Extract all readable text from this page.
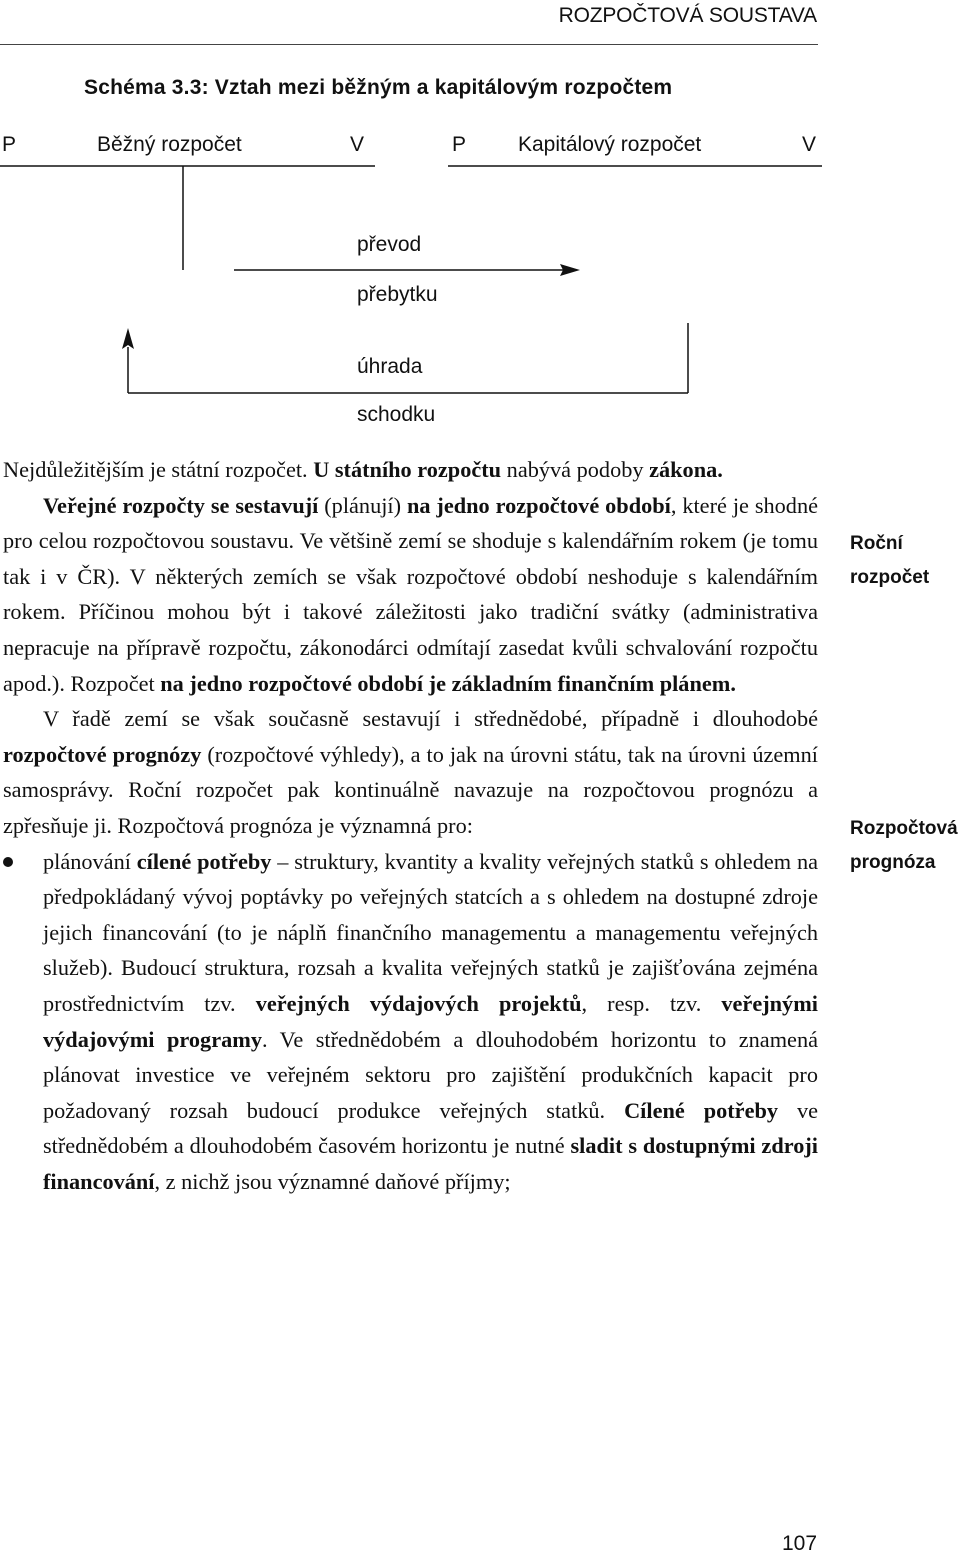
ROZPOČTOVÁ SOUSTAVA
Schéma 3.3: Vztah mezi běžným a kapitálovým rozpočtem
P	Běžný rozpočet	V	P Kapitálový rozpočet	V
převod
přebytku
úhrada
schodku

Nejdůležitějším je státní rozpočet. U státního rozpočtu nabývá podoby zákona.

Veřejné rozpočty se sestavují (plánují) na jedno rozpočtové období, které je shodné pro celou rozpočtovou soustavu. Ve většině zemí se shoduje s kalendářním rokem (je tomu tak i v ČR). V některých zemích se však rozpočtové období neshoduje s kalendářním rokem. Příčinou mohou být i takové záležitosti jako tradiční svátky (administrativa nepracuje na přípravě rozpočtu, zákonodárci odmítají zasedat kvůli schvalování rozpočtu apod.). Rozpočet na jedno rozpočtové období je základním finančním plánem.

V řadě zemí se však současně sestavují i střednědobé, případně i dlouhodobé rozpočtové prognózy (rozpočtové výhledy), a to jak na úrovni státu, tak na úrovni územní samosprávy. Roční rozpočet pak kontinuálně navazuje na rozpočtovou prognózu a zpřesňuje ji. Rozpočtová prognóza je významná pro:

plánování cílené potřeby – struktury, kvantity a kvality veřejných statků s ohledem na předpokládaný vývoj poptávky po veřejných statcích a s ohledem na dostupné zdroje jejich financování (to je náplň finančního managementu a managementu veřejných služeb). Budoucí struktura, rozsah a kvalita veřejných statků je zajišťována zejména prostřednictvím tzv. veřejných výdajových projektů, resp. tzv. veřejnými výdajovými programy. Ve střednědobém a dlouhodobém horizontu to znamená plánovat investice ve veřejném sektoru pro zajištění produkčních kapacit pro požadovaný rozsah budoucí produkce veřejných statků. Cílené potřeby ve střednědobém a dlouhodobém časovém horizontu je nutné sladit s dostupnými zdroji financování, z nichž jsou významné daňové příjmy;
Roční
rozpočet
Rozpočtová
prognóza
107
